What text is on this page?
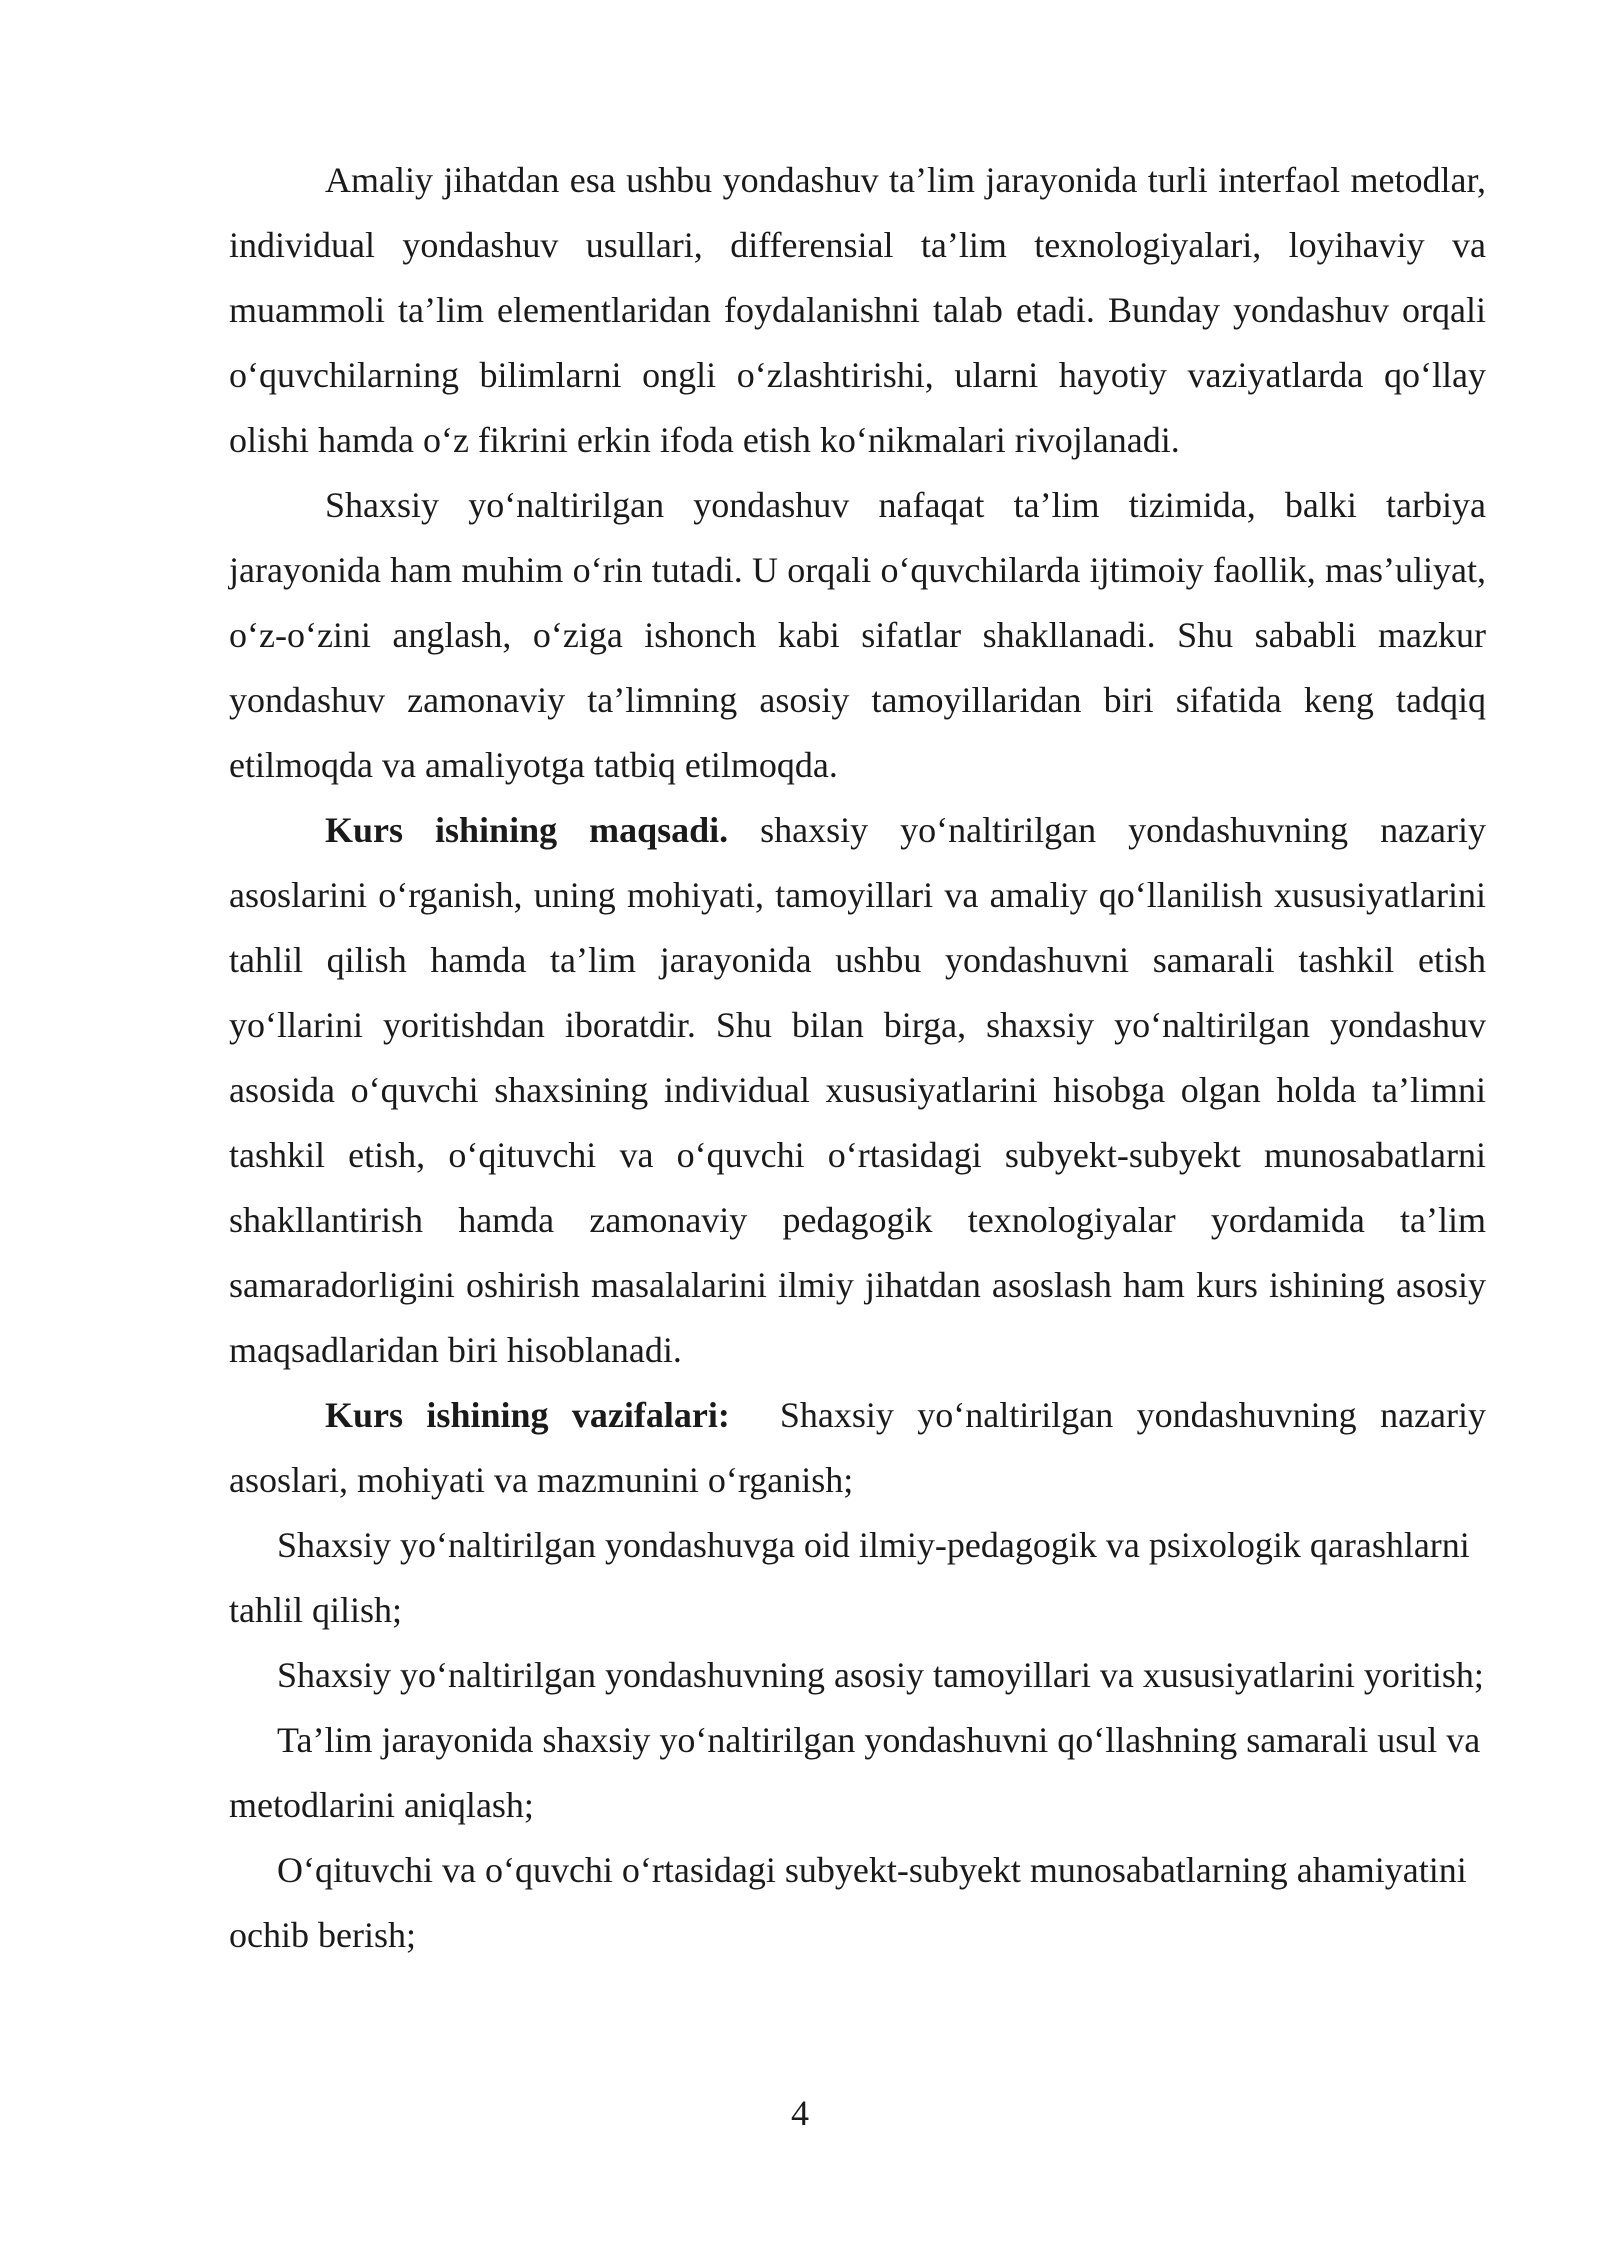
Amaliy jihatdan esa ushbu yondashuv ta’lim jarayonida turli interfaol metodlar, individual yondashuv usullari, differensial ta’lim texnologiyalari, loyihaviy va muammoli ta’lim elementlaridan foydalanishni talab etadi. Bunday yondashuv orqali o‘quvchilarning bilimlarni ongli o‘zlashtirishi, ularni hayotiy vaziyatlarda qo‘llay olishi hamda o‘z fikrini erkin ifoda etish ko‘nikmalari rivojlanadi.

Shaxsiy yo‘naltirilgan yondashuv nafaqat ta’lim tizimida, balki tarbiya jarayonida ham muhim o‘rin tutadi. U orqali o‘quvchilarda ijtimoiy faollik, mas’uliyat, o‘z-o‘zini anglash, o‘ziga ishonch kabi sifatlar shakllanadi. Shu sababli mazkur yondashuv zamonaviy ta’limning asosiy tamoyillaridan biri sifatida keng tadqiq etilmoqda va amaliyotga tatbiq etilmoqda.

Kurs ishining maqsadi. shaxsiy yo‘naltirilgan yondashuvning nazariy asoslarini o‘rganish, uning mohiyati, tamoyillari va amaliy qo‘llanilish xususiyatlarini tahlil qilish hamda ta’lim jarayonida ushbu yondashuvni samarali tashkil etish yo‘llarini yoritishdan iboratdir. Shu bilan birga, shaxsiy yo‘naltirilgan yondashuv asosida o‘quvchi shaxsining individual xususiyatlarini hisobga olgan holda ta’limni tashkil etish, o‘qituvchi va o‘quvchi o‘rtasidagi subyekt-subyekt munosabatlarni shakllantirish hamda zamonaviy pedagogik texnologiyalar yordamida ta’lim samaradorligini oshirish masalalarini ilmiy jihatdan asoslash ham kurs ishining asosiy maqsadlaridan biri hisoblanadi.

Kurs ishining vazifalari: Shaxsiy yo‘naltirilgan yondashuvning nazariy asoslari, mohiyati va mazmunini o‘rganish;

Shaxsiy yo‘naltirilgan yondashuvga oid ilmiy-pedagogik va psixologik qarashlarni tahlil qilish;

Shaxsiy yo‘naltirilgan yondashuvning asosiy tamoyillari va xususiyatlarini yoritish;

Ta’lim jarayonida shaxsiy yo‘naltirilgan yondashuvni qo‘llashning samarali usul va metodlarini aniqlash;

O‘qituvchi va o‘quvchi o‘rtasidagi subyekt-subyekt munosabatlarning ahamiyatini ochib berish;

4
